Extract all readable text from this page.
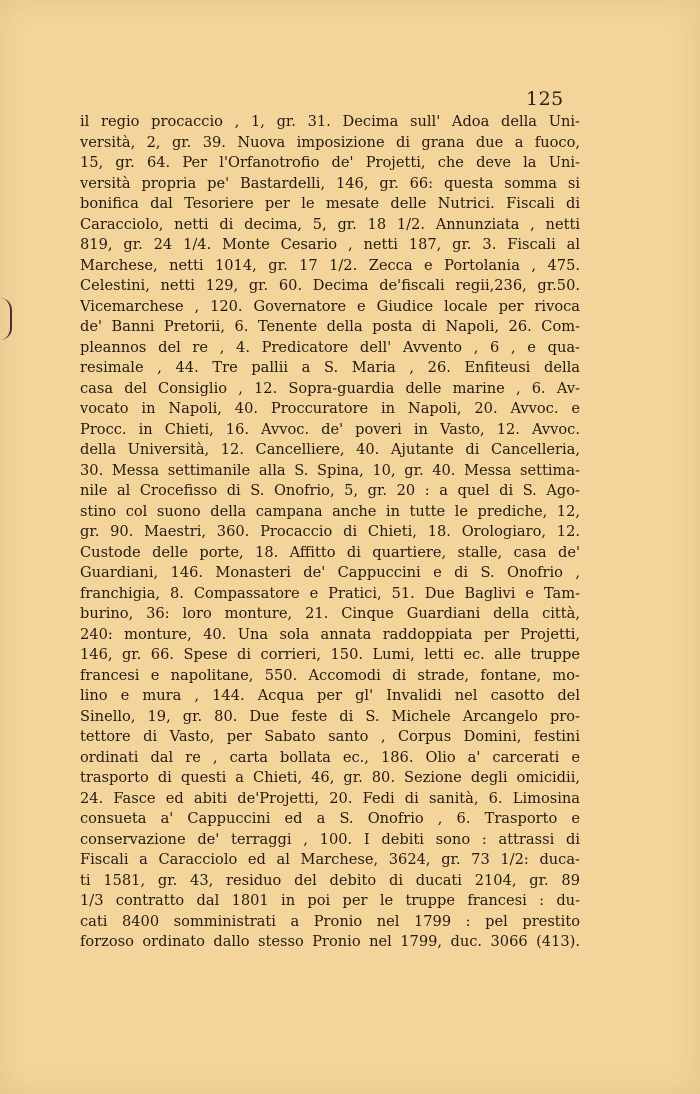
125
il regio procaccio , 1, gr. 31. Decima sull' Adoa della Uni-
versità, 2, gr. 39. Nuova imposizione di grana due a fuoco,
15, gr. 64. Per l'Orfanotrofio de' Projetti, che deve la Uni-
versità propria pe' Bastardelli, 146, gr. 66: questa somma si
bonifica dal Tesoriere per le mesate delle Nutrici. Fiscali di
Caracciolo, netti di decima, 5, gr. 18 1/2. Annunziata , netti
819, gr. 24 1/4. Monte Cesario , netti 187, gr. 3. Fiscali al
Marchese, netti 1014, gr. 17 1/2. Zecca e Portolania , 475.
Celestini, netti 129, gr. 60. Decima de'fiscali regii,236, gr.50.
Vicemarchese , 120. Governatore e Giudice locale per rivoca
de' Banni Pretorii, 6. Tenente della posta di Napoli, 26. Com-
pleannos del re , 4. Predicatore dell' Avvento , 6 , e qua-
resimale , 44. Tre pallii a S. Maria , 26. Enfiteusi della
casa del Consiglio , 12. Sopra-guardia delle marine , 6. Av-
vocato in Napoli, 40. Proccuratore in Napoli, 20. Avvoc. e
Procc. in Chieti, 16. Avvoc. de' poveri in Vasto, 12. Avvoc.
della Università, 12. Cancelliere, 40. Ajutante di Cancelleria,
30. Messa settimanile alla S. Spina, 10, gr. 40. Messa settima-
nile al Crocefisso di S. Onofrio, 5, gr. 20 : a quel di S. Ago-
stino col suono della campana anche in tutte le prediche, 12,
gr. 90. Maestri, 360. Procaccio di Chieti, 18. Orologiaro, 12.
Custode delle porte, 18. Affitto di quartiere, stalle, casa de'
Guardiani, 146. Monasteri de' Cappuccini e di S. Onofrio ,
franchigia, 8. Compassatore e Pratici, 51. Due Baglivi e Tam-
burino, 36: loro monture, 21. Cinque Guardiani della città,
240: monture, 40. Una sola annata raddoppiata per Projetti,
146, gr. 66. Spese di corrieri, 150. Lumi, letti ec. alle truppe
francesi e napolitane, 550. Accomodi di strade, fontane, mo-
lino e mura , 144. Acqua per gl' Invalidi nel casotto del
Sinello, 19, gr. 80. Due feste di S. Michele Arcangelo pro-
tettore di Vasto, per Sabato santo , Corpus Domini, festini
ordinati dal re , carta bollata ec., 186. Olio a' carcerati e
trasporto di questi a Chieti, 46, gr. 80. Sezione degli omicidii,
24. Fasce ed abiti de'Projetti, 20. Fedi di sanità, 6. Limosina
consueta a' Cappuccini ed a S. Onofrio , 6. Trasporto e
conservazione de' terraggi , 100. I debiti sono : attrassi di
Fiscali a Caracciolo ed al Marchese, 3624, gr. 73 1/2: duca-
ti 1581, gr. 43, residuo del debito di ducati 2104, gr. 89
1/3 contratto dal 1801 in poi per le truppe francesi : du-
cati 8400 somministrati a Pronio nel 1799 : pel prestito
forzoso ordinato dallo stesso Pronio nel 1799, duc. 3066 (413).
